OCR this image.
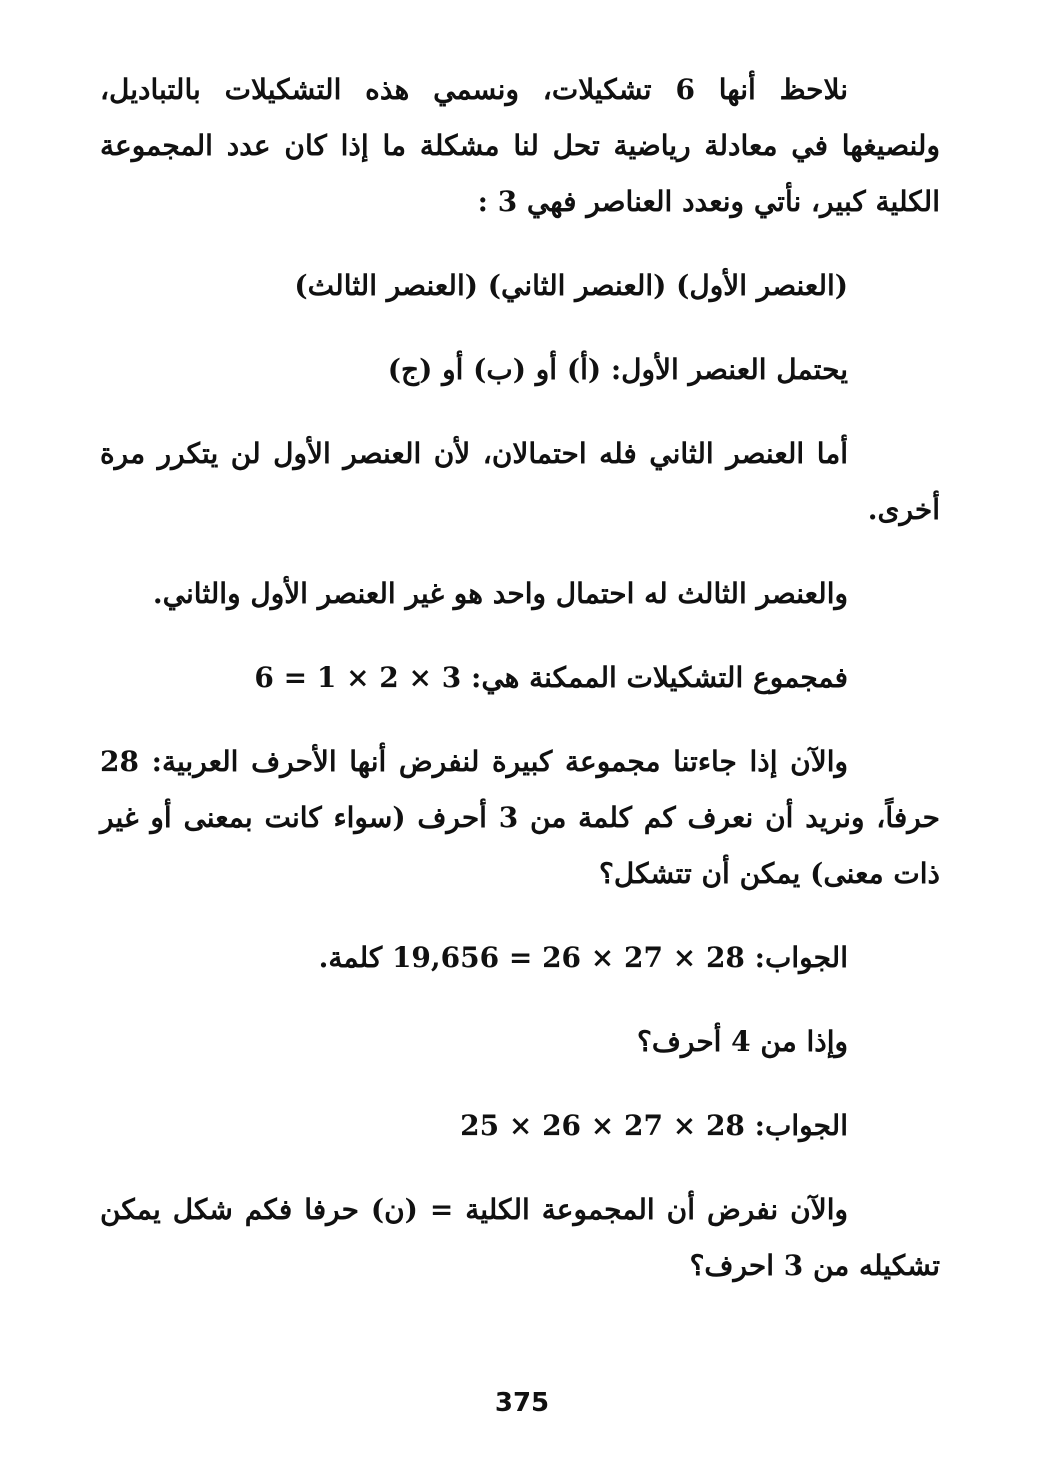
نلاحظ أنها 6 تشكيلات، ونسمي هذه التشكيلات بالتباديل، ولنصيغها في معادلة رياضية تحل لنا مشكلة ما إذا كان عدد المجموعة الكلية كبير، نأتي ونعدد العناصر فهي 3 :

(العنصر الأول) (العنصر الثاني) (العنصر الثالث)

يحتمل العنصر الأول: (أ) أو (ب) أو (ج)

أما العنصر الثاني فله احتمالان، لأن العنصر الأول لن يتكرر مرة أخرى.

والعنصر الثالث له احتمال واحد هو غير العنصر الأول والثاني.

فمجموع التشكيلات الممكنة هي: 3 × 2 × 1 = 6

والآن إذا جاءتنا مجموعة كبيرة لنفرض أنها الأحرف العربية: 28 حرفاً، ونريد أن نعرف كم كلمة من 3 أحرف (سواء كانت بمعنى أو غير ذات معنى) يمكن أن تتشكل؟

الجواب: 28 × 27 × 26 = 19,656 كلمة.

وإذا من 4 أحرف؟

الجواب: 28 × 27 × 26 × 25

والآن نفرض أن المجموعة الكلية = (ن) حرفا فكم شكل يمكن تشكيله من 3 احرف؟

375
